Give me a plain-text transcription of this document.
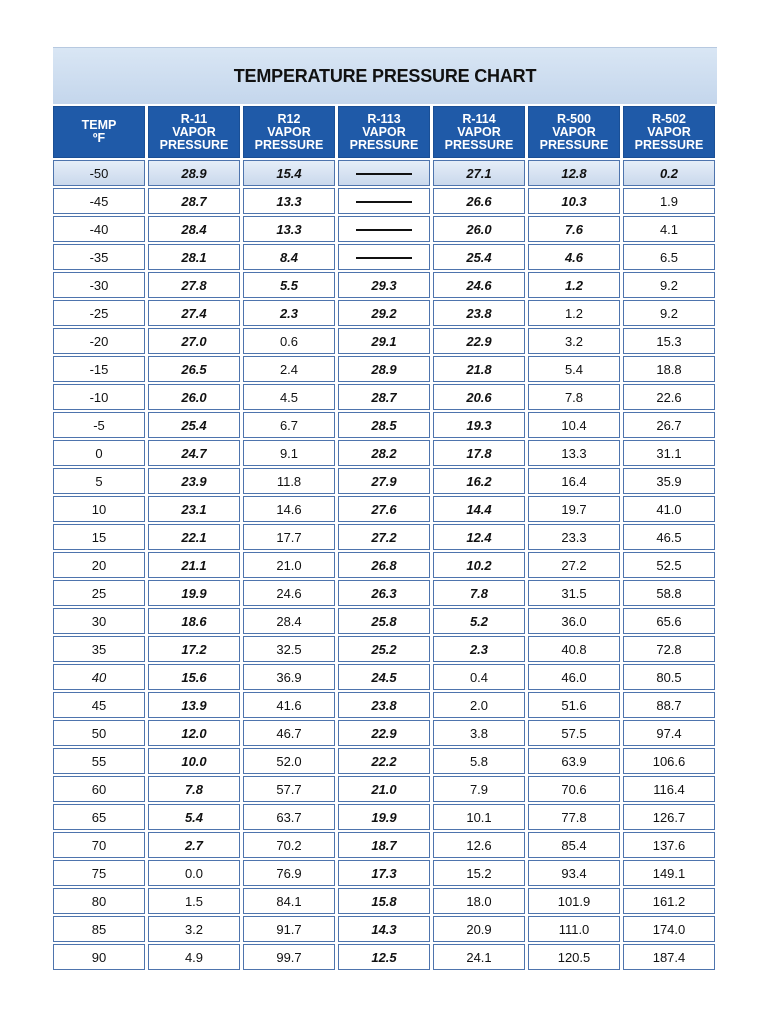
TEMPERATURE PRESSURE CHART
TEMP
ºF	R-11
VAPOR
PRESSURE	R12
VAPOR
PRESSURE	R-113
VAPOR
PRESSURE	R-114
VAPOR
PRESSURE	R-500
VAPOR
PRESSURE	R-502
VAPOR
PRESSURE

-50	28.9	15.4		27.1	12.8	0.2
-45	28.7	13.3		26.6	10.3	1.9
-40	28.4	13.3		26.0	7.6	4.1
-35	28.1	8.4		25.4	4.6	6.5
-30	27.8	5.5	29.3	24.6	1.2	9.2
-25	27.4	2.3	29.2	23.8	1.2	9.2
-20	27.0	0.6	29.1	22.9	3.2	15.3
-15	26.5	2.4	28.9	21.8	5.4	18.8
-10	26.0	4.5	28.7	20.6	7.8	22.6
-5	25.4	6.7	28.5	19.3	10.4	26.7
0	24.7	9.1	28.2	17.8	13.3	31.1
5	23.9	11.8	27.9	16.2	16.4	35.9
10	23.1	14.6	27.6	14.4	19.7	41.0
15	22.1	17.7	27.2	12.4	23.3	46.5
20	21.1	21.0	26.8	10.2	27.2	52.5
25	19.9	24.6	26.3	7.8	31.5	58.8
30	18.6	28.4	25.8	5.2	36.0	65.6
35	17.2	32.5	25.2	2.3	40.8	72.8
40	15.6	36.9	24.5	0.4	46.0	80.5
45	13.9	41.6	23.8	2.0	51.6	88.7
50	12.0	46.7	22.9	3.8	57.5	97.4
55	10.0	52.0	22.2	5.8	63.9	106.6
60	7.8	57.7	21.0	7.9	70.6	116.4
65	5.4	63.7	19.9	10.1	77.8	126.7
70	2.7	70.2	18.7	12.6	85.4	137.6
75	0.0	76.9	17.3	15.2	93.4	149.1
80	1.5	84.1	15.8	18.0	101.9	161.2
85	3.2	91.7	14.3	20.9	111.0	174.0
90	4.9	99.7	12.5	24.1	120.5	187.4
